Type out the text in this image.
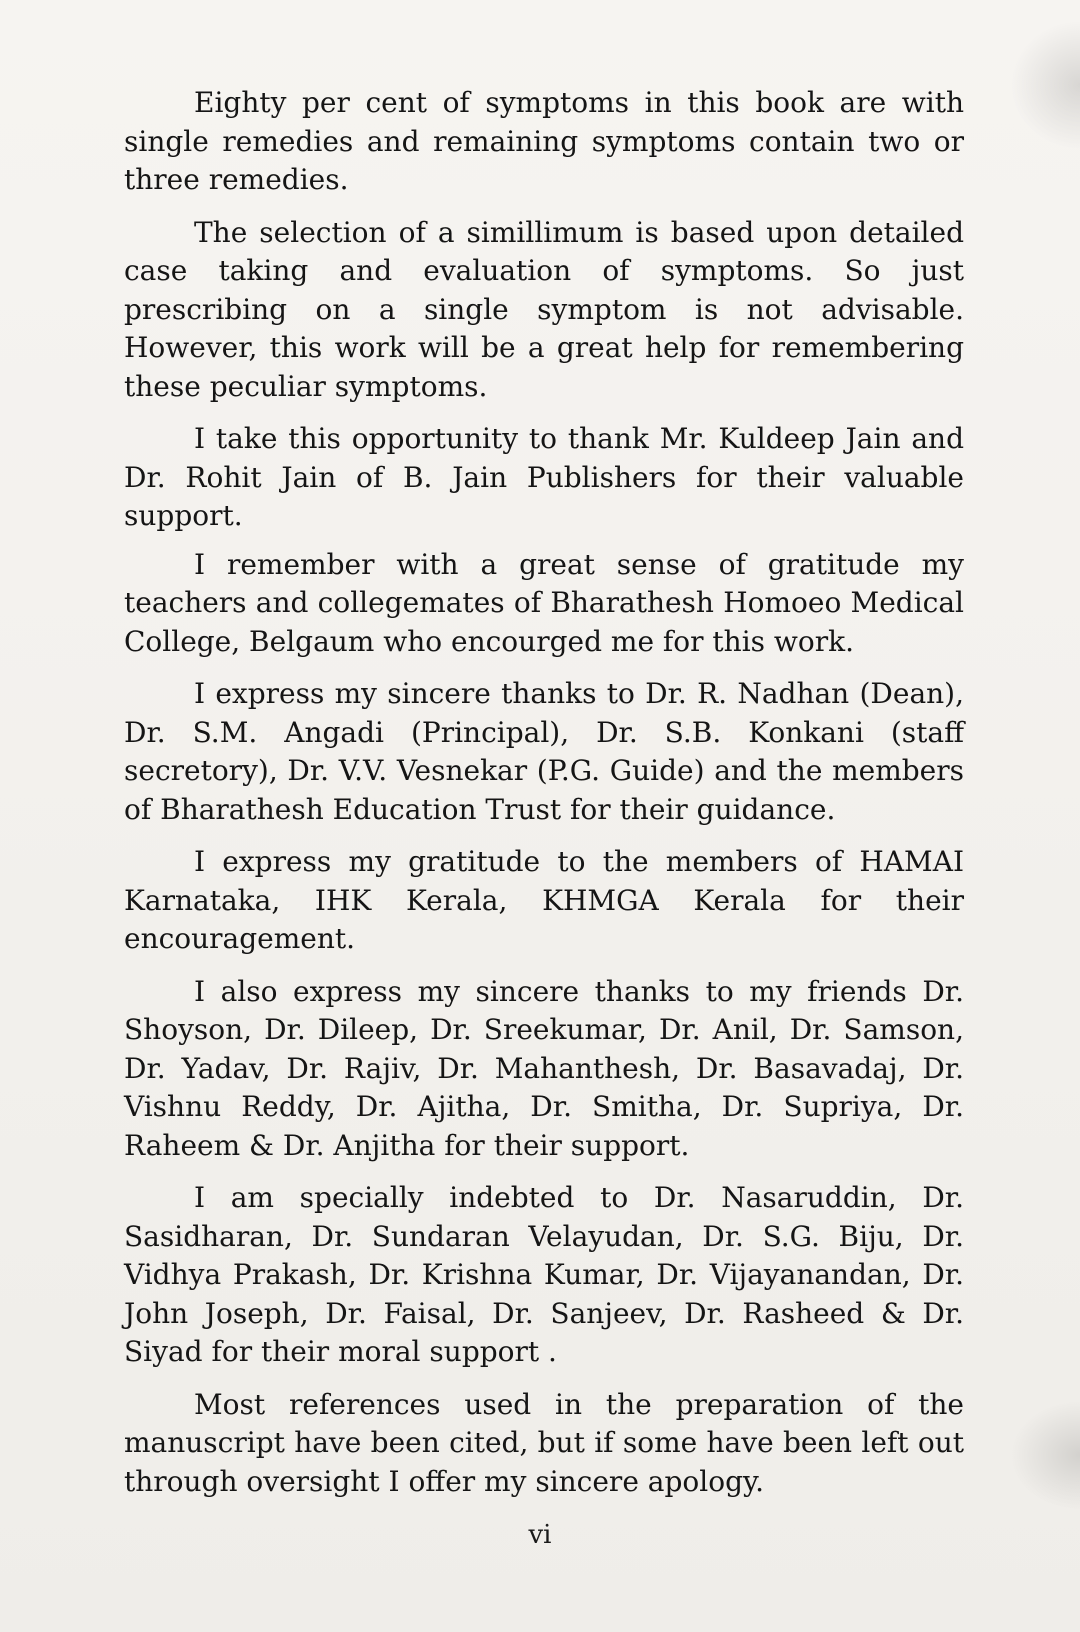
Eighty per cent of symptoms in this book are with single remedies and remaining symptoms contain two or three remedies.

The selection of a simillimum is based upon detailed case taking and evaluation of symptoms. So just prescribing on a single symptom is not advisable. However, this work will be a great help for remembering these peculiar symptoms.

I take this opportunity to thank Mr. Kuldeep Jain and Dr. Rohit Jain of B. Jain Publishers for their valuable support.

I remember with a great sense of gratitude my teachers and collegemates of Bharathesh Homoeo Medical College, Belgaum who encourged me for this work.

I express my sincere thanks to Dr. R. Nadhan (Dean), Dr. S.M. Angadi (Principal), Dr. S.B. Konkani (staff secretory), Dr. V.V. Vesnekar (P.G. Guide) and the members of Bharathesh Education Trust for their guidance.

I express my gratitude to the members of HAMAI Karnataka, IHK Kerala, KHMGA Kerala for their encouragement.

I also express my sincere thanks to my friends Dr. Shoyson, Dr. Dileep, Dr. Sreekumar, Dr. Anil, Dr. Samson, Dr. Yadav, Dr. Rajiv, Dr. Mahanthesh, Dr. Basavadaj, Dr. Vishnu Reddy, Dr. Ajitha, Dr. Smitha, Dr. Supriya, Dr. Raheem & Dr. Anjitha for their support.

I am specially indebted to Dr. Nasaruddin, Dr. Sasidharan, Dr. Sundaran Velayudan, Dr. S.G. Biju, Dr. Vidhya Prakash, Dr. Krishna Kumar, Dr. Vijayanandan, Dr. John Joseph, Dr. Faisal, Dr. Sanjeev, Dr. Rasheed & Dr. Siyad for their moral support .

Most references used in the preparation of the manuscript have been cited, but if some have been left out through oversight I offer my sincere apology.

vi
